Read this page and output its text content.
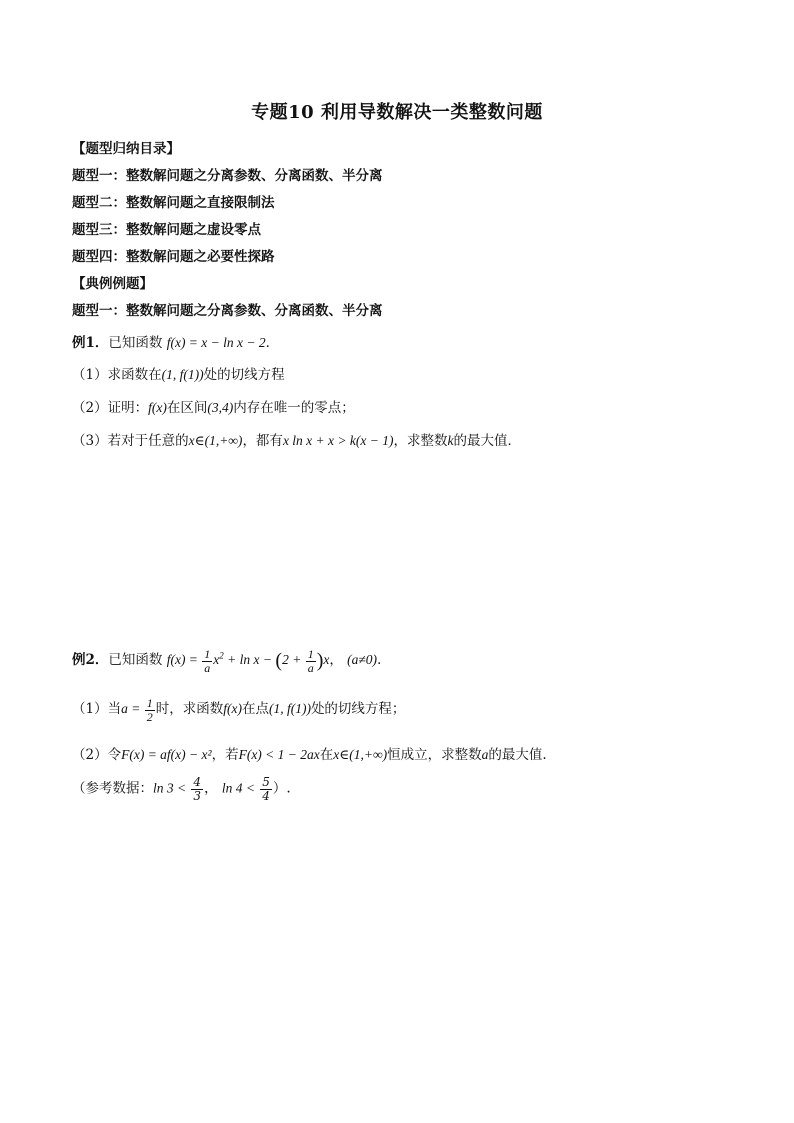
专题10 利用导数解决一类整数问题
【题型归纳目录】
题型一：整数解问题之分离参数、分离函数、半分离
题型二：整数解问题之直接限制法
题型三：整数解问题之虚设零点
题型四：整数解问题之必要性探路
【典例例题】
题型一：整数解问题之分离参数、分离函数、半分离
例1．已知函数 f(x) = x − ln x − 2．
（1）求函数在(1, f(1))处的切线方程
（2）证明：f(x)在区间(3,4)内存在唯一的零点；
（3）若对于任意的x∈(1,+∞)，都有x ln x + x > k(x − 1)，求整数k的最大值．
例2．已知函数 $f(x) = \frac{1}{a} x^2 + \ln x - (2 + \frac{1}{a} )x$， (a≠0)．
（1）当$a = \frac{1}{2}$ 时，求函数f(x)在点(1, f(1))处的切线方程；
（2）令F(x) = af(x) − x²，若F(x) < 1 − 2ax在x∈(1,+∞)恒成立，求整数a的最大值.
（参考数据：$\ln 3 < \frac{4}{3}$ ， $\ln 4 < \frac{5}{4}$ ）.
